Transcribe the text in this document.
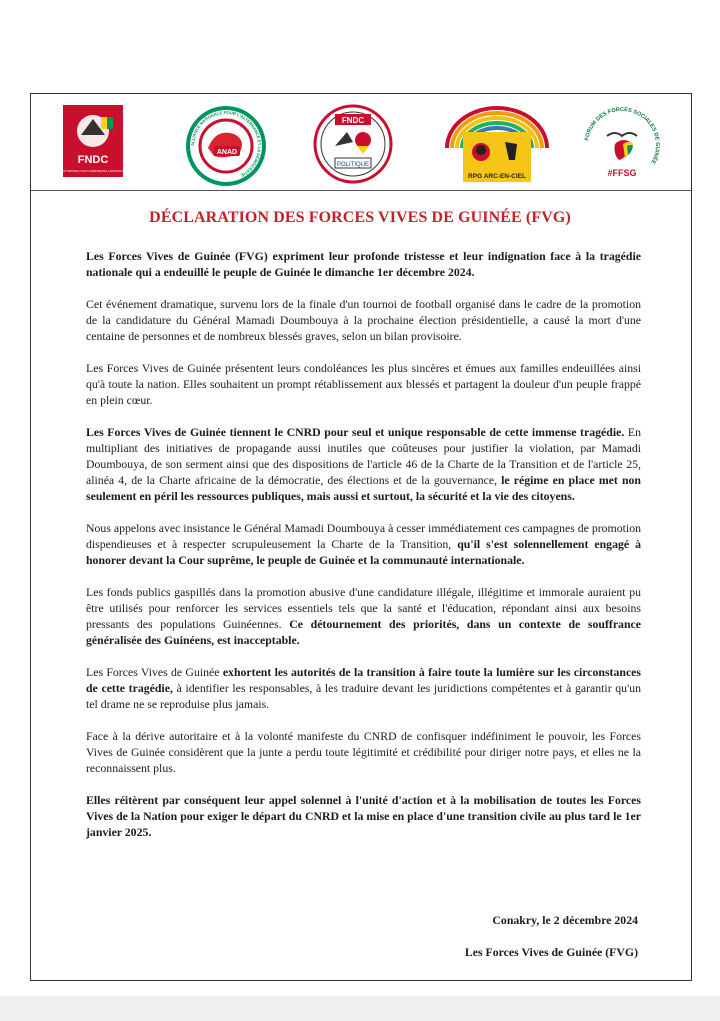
FNDC
FRONT NATIONAL POUR LA DÉFENSE DE LA CONSTITUTION
ANAD
ALLIANCE NATIONALE POUR L'ALTERNANCE ET LA DÉMOCRATIE
FNDC
POLITIQUE
RPG ARC-EN-CIEL
FORUM DES FORCES SOCIALES DE GUINÉE
#FFSG
DÉCLARATION DES FORCES VIVES DE GUINÉE (FVG)

Les Forces Vives de Guinée (FVG) expriment leur profonde tristesse et leur indignation face à la tragédie nationale qui a endeuillé le peuple de Guinée le dimanche 1er décembre 2024.

Cet événement dramatique, survenu lors de la finale d'un tournoi de football organisé dans le cadre de la promotion de la candidature du Général Mamadi Doumbouya à la prochaine élection présidentielle, a causé la mort d'une centaine de personnes et de nombreux blessés graves, selon un bilan provisoire.

Les Forces Vives de Guinée présentent leurs condoléances les plus sincères et émues aux familles endeuillées ainsi qu'à toute la nation. Elles souhaitent un prompt rétablissement aux blessés et partagent la douleur d'un peuple frappé en plein cœur.

Les Forces Vives de Guinée tiennent le CNRD pour seul et unique responsable de cette immense tragédie. En multipliant des initiatives de propagande aussi inutiles que coûteuses pour justifier la violation, par Mamadi Doumbouya, de son serment ainsi que des dispositions de l'article 46 de la Charte de la Transition et de l'article 25, alinéa 4, de la Charte africaine de la démocratie, des élections et de la gouvernance, le régime en place met non seulement en péril les ressources publiques, mais aussi et surtout, la sécurité et la vie des citoyens.

Nous appelons avec insistance le Général Mamadi Doumbouya à cesser immédiatement ces campagnes de promotion dispendieuses et à respecter scrupuleusement la Charte de la Transition, qu'il s'est solennellement engagé à honorer devant la Cour suprême, le peuple de Guinée et la communauté internationale.

Les fonds publics gaspillés dans la promotion abusive d'une candidature illégale, illégitime et immorale auraient pu être utilisés pour renforcer les services essentiels tels que la santé et l'éducation, répondant ainsi aux besoins pressants des populations Guinéennes. Ce détournement des priorités, dans un contexte de souffrance généralisée des Guinéens, est inacceptable.

Les Forces Vives de Guinée exhortent les autorités de la transition à faire toute la lumière sur les circonstances de cette tragédie, à identifier les responsables, à les traduire devant les juridictions compétentes et à garantir qu'un tel drame ne se reproduise plus jamais.

Face à la dérive autoritaire et à la volonté manifeste du CNRD de confisquer indéfiniment le pouvoir, les Forces Vives de Guinée considèrent que la junte a perdu toute légitimité et crédibilité pour diriger notre pays, et elles ne la reconnaissent plus.

Elles réitèrent par conséquent leur appel solennel à l'unité d'action et à la mobilisation de toutes les Forces Vives de la Nation pour exiger le départ du CNRD et la mise en place d'une transition civile au plus tard le 1er janvier 2025.

Conakry, le 2 décembre 2024
Les Forces Vives de Guinée (FVG)
